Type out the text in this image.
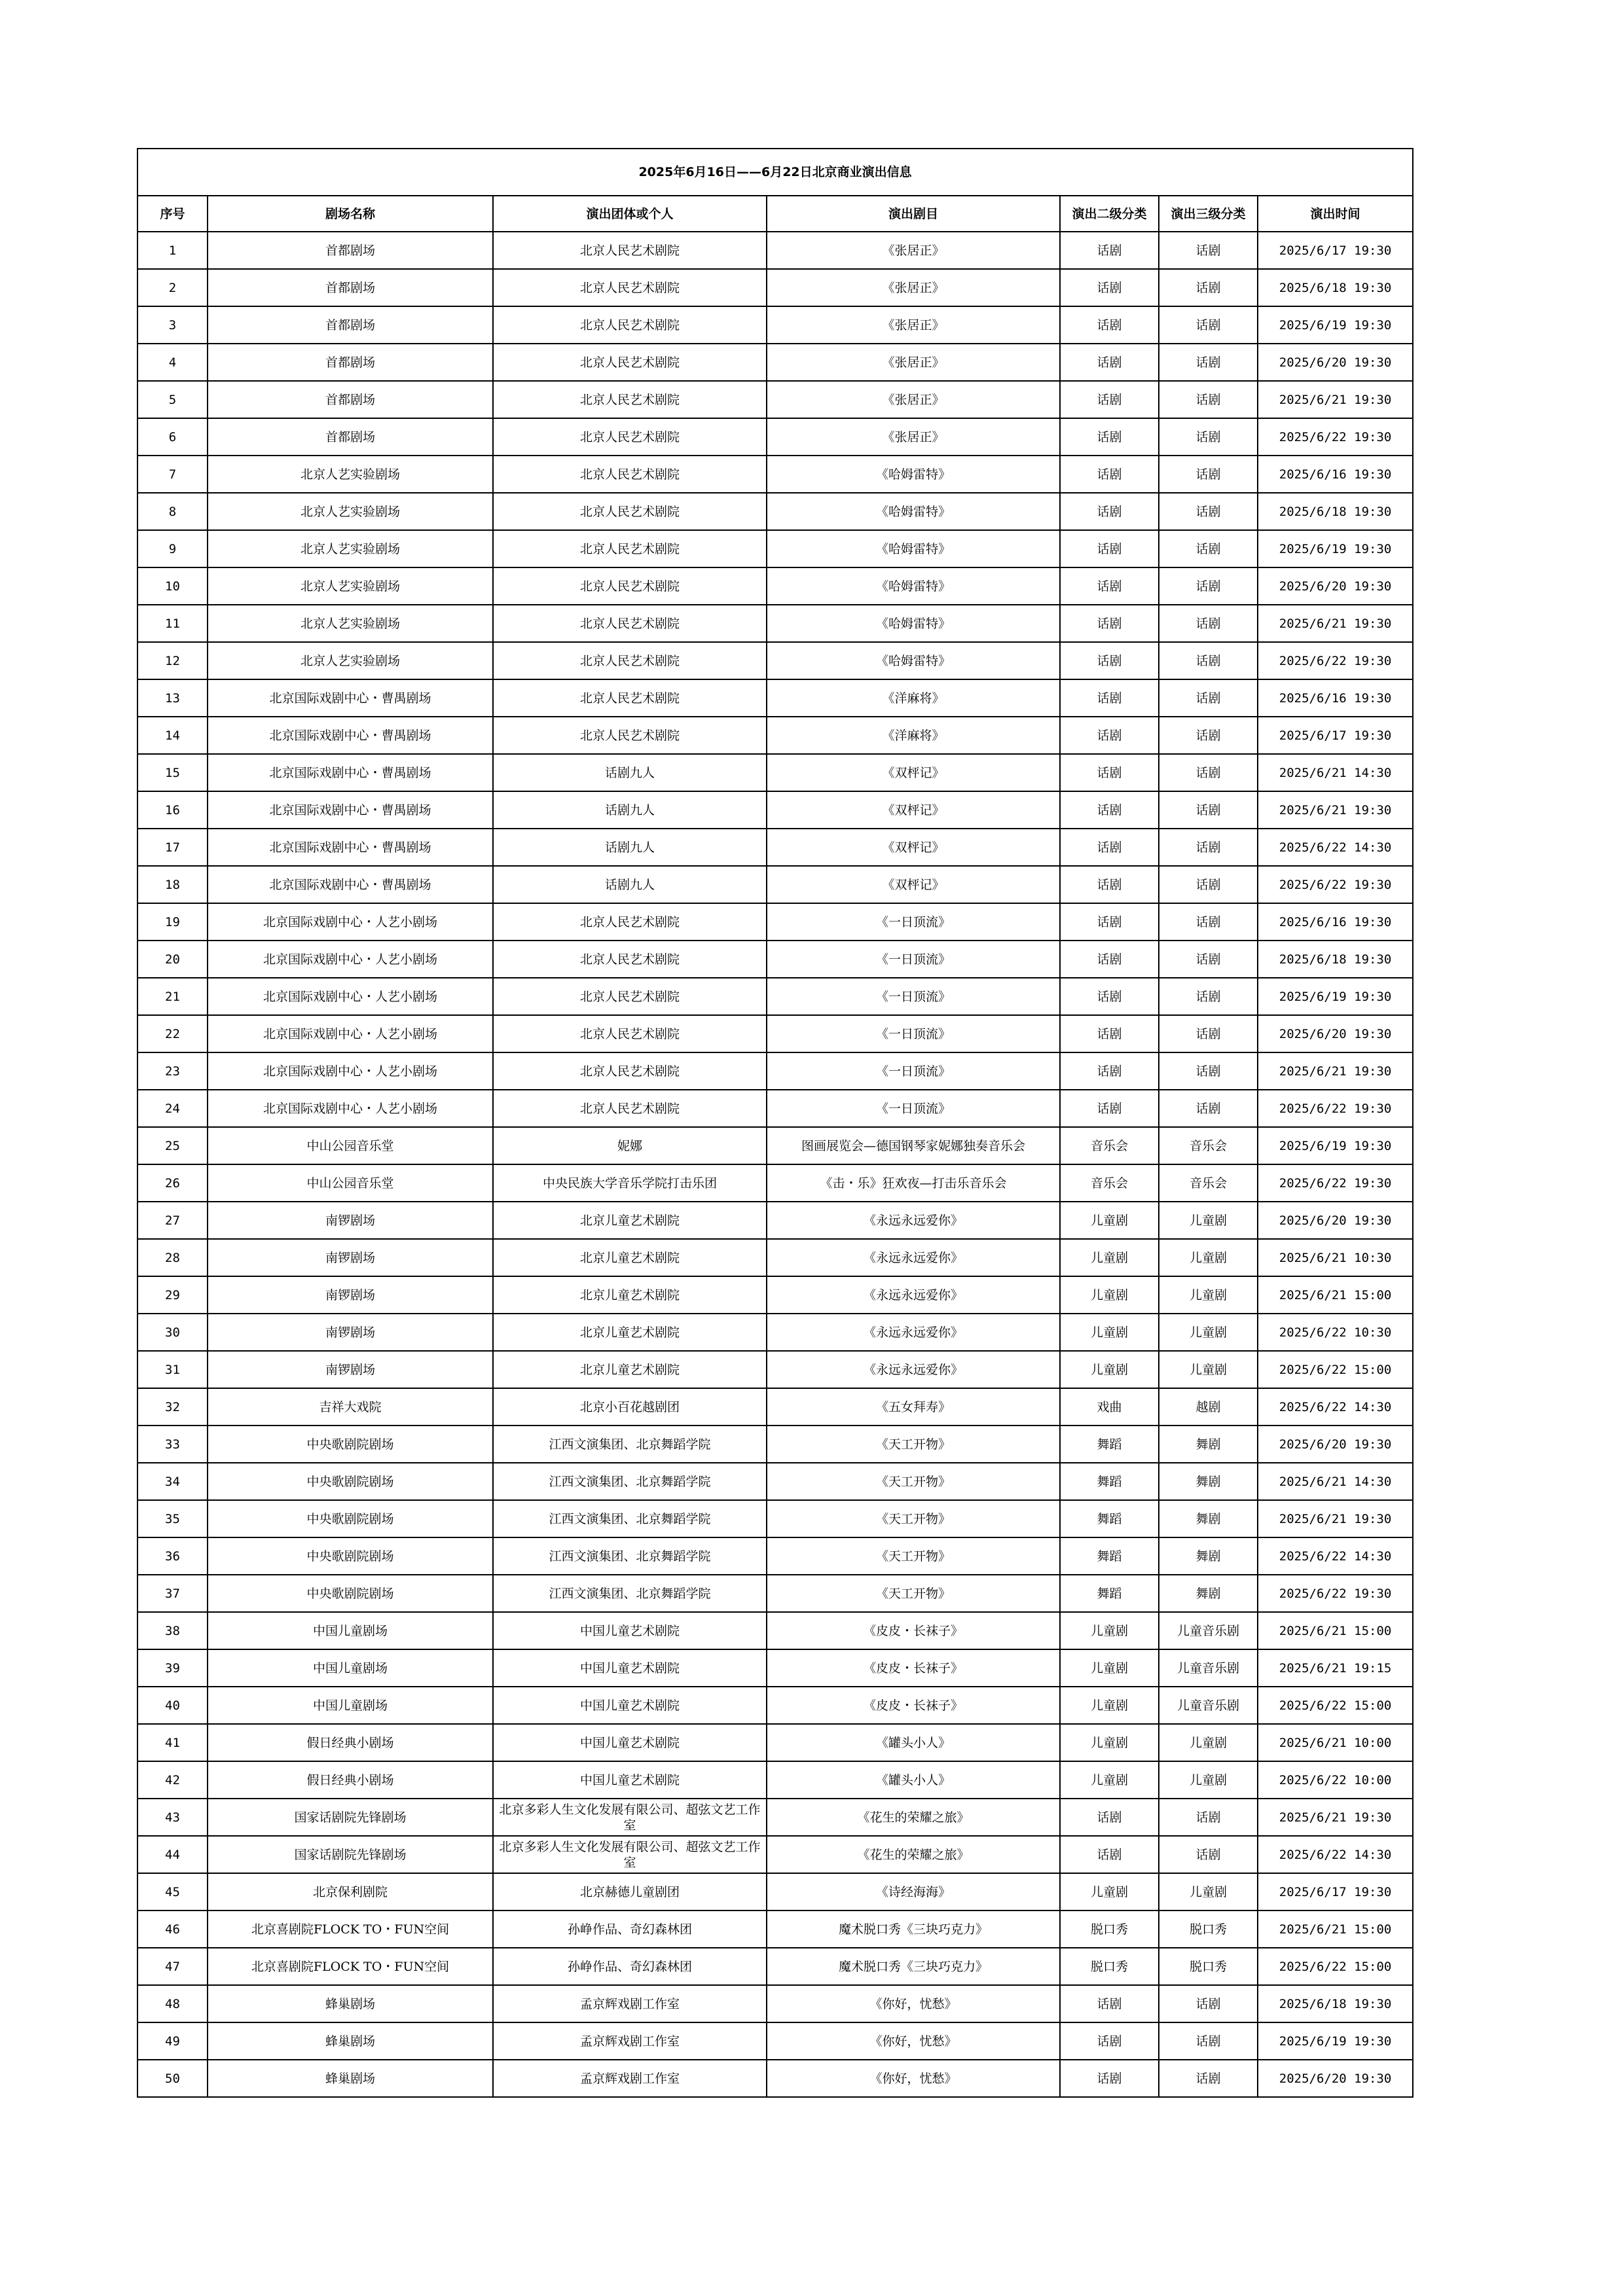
2025年6月16日——6月22日北京商业演出信息						
序号	剧场名称	演出团体或个人	演出剧目	演出二级分类	演出三级分类	演出时间
1	首都剧场	北京人民艺术剧院	《张居正》	话剧	话剧	2025/6/17 19:30
2	首都剧场	北京人民艺术剧院	《张居正》	话剧	话剧	2025/6/18 19:30
3	首都剧场	北京人民艺术剧院	《张居正》	话剧	话剧	2025/6/19 19:30
4	首都剧场	北京人民艺术剧院	《张居正》	话剧	话剧	2025/6/20 19:30
5	首都剧场	北京人民艺术剧院	《张居正》	话剧	话剧	2025/6/21 19:30
6	首都剧场	北京人民艺术剧院	《张居正》	话剧	话剧	2025/6/22 19:30
7	北京人艺实验剧场	北京人民艺术剧院	《哈姆雷特》	话剧	话剧	2025/6/16 19:30
8	北京人艺实验剧场	北京人民艺术剧院	《哈姆雷特》	话剧	话剧	2025/6/18 19:30
9	北京人艺实验剧场	北京人民艺术剧院	《哈姆雷特》	话剧	话剧	2025/6/19 19:30
10	北京人艺实验剧场	北京人民艺术剧院	《哈姆雷特》	话剧	话剧	2025/6/20 19:30
11	北京人艺实验剧场	北京人民艺术剧院	《哈姆雷特》	话剧	话剧	2025/6/21 19:30
12	北京人艺实验剧场	北京人民艺术剧院	《哈姆雷特》	话剧	话剧	2025/6/22 19:30
13	北京国际戏剧中心・曹禺剧场	北京人民艺术剧院	《洋麻将》	话剧	话剧	2025/6/16 19:30
14	北京国际戏剧中心・曹禺剧场	北京人民艺术剧院	《洋麻将》	话剧	话剧	2025/6/17 19:30
15	北京国际戏剧中心・曹禺剧场	话剧九人	《双枰记》	话剧	话剧	2025/6/21 14:30
16	北京国际戏剧中心・曹禺剧场	话剧九人	《双枰记》	话剧	话剧	2025/6/21 19:30
17	北京国际戏剧中心・曹禺剧场	话剧九人	《双枰记》	话剧	话剧	2025/6/22 14:30
18	北京国际戏剧中心・曹禺剧场	话剧九人	《双枰记》	话剧	话剧	2025/6/22 19:30
19	北京国际戏剧中心・人艺小剧场	北京人民艺术剧院	《一日顶流》	话剧	话剧	2025/6/16 19:30
20	北京国际戏剧中心・人艺小剧场	北京人民艺术剧院	《一日顶流》	话剧	话剧	2025/6/18 19:30
21	北京国际戏剧中心・人艺小剧场	北京人民艺术剧院	《一日顶流》	话剧	话剧	2025/6/19 19:30
22	北京国际戏剧中心・人艺小剧场	北京人民艺术剧院	《一日顶流》	话剧	话剧	2025/6/20 19:30
23	北京国际戏剧中心・人艺小剧场	北京人民艺术剧院	《一日顶流》	话剧	话剧	2025/6/21 19:30
24	北京国际戏剧中心・人艺小剧场	北京人民艺术剧院	《一日顶流》	话剧	话剧	2025/6/22 19:30
25	中山公园音乐堂	妮娜	图画展览会—德国钢琴家妮娜独奏音乐会	音乐会	音乐会	2025/6/19 19:30
26	中山公园音乐堂	中央民族大学音乐学院打击乐团	《击・乐》狂欢夜—打击乐音乐会	音乐会	音乐会	2025/6/22 19:30
27	南锣剧场	北京儿童艺术剧院	《永远永远爱你》	儿童剧	儿童剧	2025/6/20 19:30
28	南锣剧场	北京儿童艺术剧院	《永远永远爱你》	儿童剧	儿童剧	2025/6/21 10:30
29	南锣剧场	北京儿童艺术剧院	《永远永远爱你》	儿童剧	儿童剧	2025/6/21 15:00
30	南锣剧场	北京儿童艺术剧院	《永远永远爱你》	儿童剧	儿童剧	2025/6/22 10:30
31	南锣剧场	北京儿童艺术剧院	《永远永远爱你》	儿童剧	儿童剧	2025/6/22 15:00
32	吉祥大戏院	北京小百花越剧团	《五女拜寿》	戏曲	越剧	2025/6/22 14:30
33	中央歌剧院剧场	江西文演集团、北京舞蹈学院	《天工开物》	舞蹈	舞剧	2025/6/20 19:30
34	中央歌剧院剧场	江西文演集团、北京舞蹈学院	《天工开物》	舞蹈	舞剧	2025/6/21 14:30
35	中央歌剧院剧场	江西文演集团、北京舞蹈学院	《天工开物》	舞蹈	舞剧	2025/6/21 19:30
36	中央歌剧院剧场	江西文演集团、北京舞蹈学院	《天工开物》	舞蹈	舞剧	2025/6/22 14:30
37	中央歌剧院剧场	江西文演集团、北京舞蹈学院	《天工开物》	舞蹈	舞剧	2025/6/22 19:30
38	中国儿童剧场	中国儿童艺术剧院	《皮皮・长袜子》	儿童剧	儿童音乐剧	2025/6/21 15:00
39	中国儿童剧场	中国儿童艺术剧院	《皮皮・长袜子》	儿童剧	儿童音乐剧	2025/6/21 19:15
40	中国儿童剧场	中国儿童艺术剧院	《皮皮・长袜子》	儿童剧	儿童音乐剧	2025/6/22 15:00
41	假日经典小剧场	中国儿童艺术剧院	《罐头小人》	儿童剧	儿童剧	2025/6/21 10:00
42	假日经典小剧场	中国儿童艺术剧院	《罐头小人》	儿童剧	儿童剧	2025/6/22 10:00
43	国家话剧院先锋剧场	北京多彩人生文化发展有限公司、超弦文艺工作室	《花生的荣耀之旅》	话剧	话剧	2025/6/21 19:30
44	国家话剧院先锋剧场	北京多彩人生文化发展有限公司、超弦文艺工作室	《花生的荣耀之旅》	话剧	话剧	2025/6/22 14:30
45	北京保利剧院	北京赫德儿童剧团	《诗经海海》	儿童剧	儿童剧	2025/6/17 19:30
46	北京喜剧院FLOCK TO・FUN空间	孙峥作品、奇幻森林团	魔术脱口秀《三块巧克力》	脱口秀	脱口秀	2025/6/21 15:00
47	北京喜剧院FLOCK TO・FUN空间	孙峥作品、奇幻森林团	魔术脱口秀《三块巧克力》	脱口秀	脱口秀	2025/6/22 15:00
48	蜂巢剧场	孟京辉戏剧工作室	《你好，忧愁》	话剧	话剧	2025/6/18 19:30
49	蜂巢剧场	孟京辉戏剧工作室	《你好，忧愁》	话剧	话剧	2025/6/19 19:30
50	蜂巢剧场	孟京辉戏剧工作室	《你好，忧愁》	话剧	话剧	2025/6/20 19:30
